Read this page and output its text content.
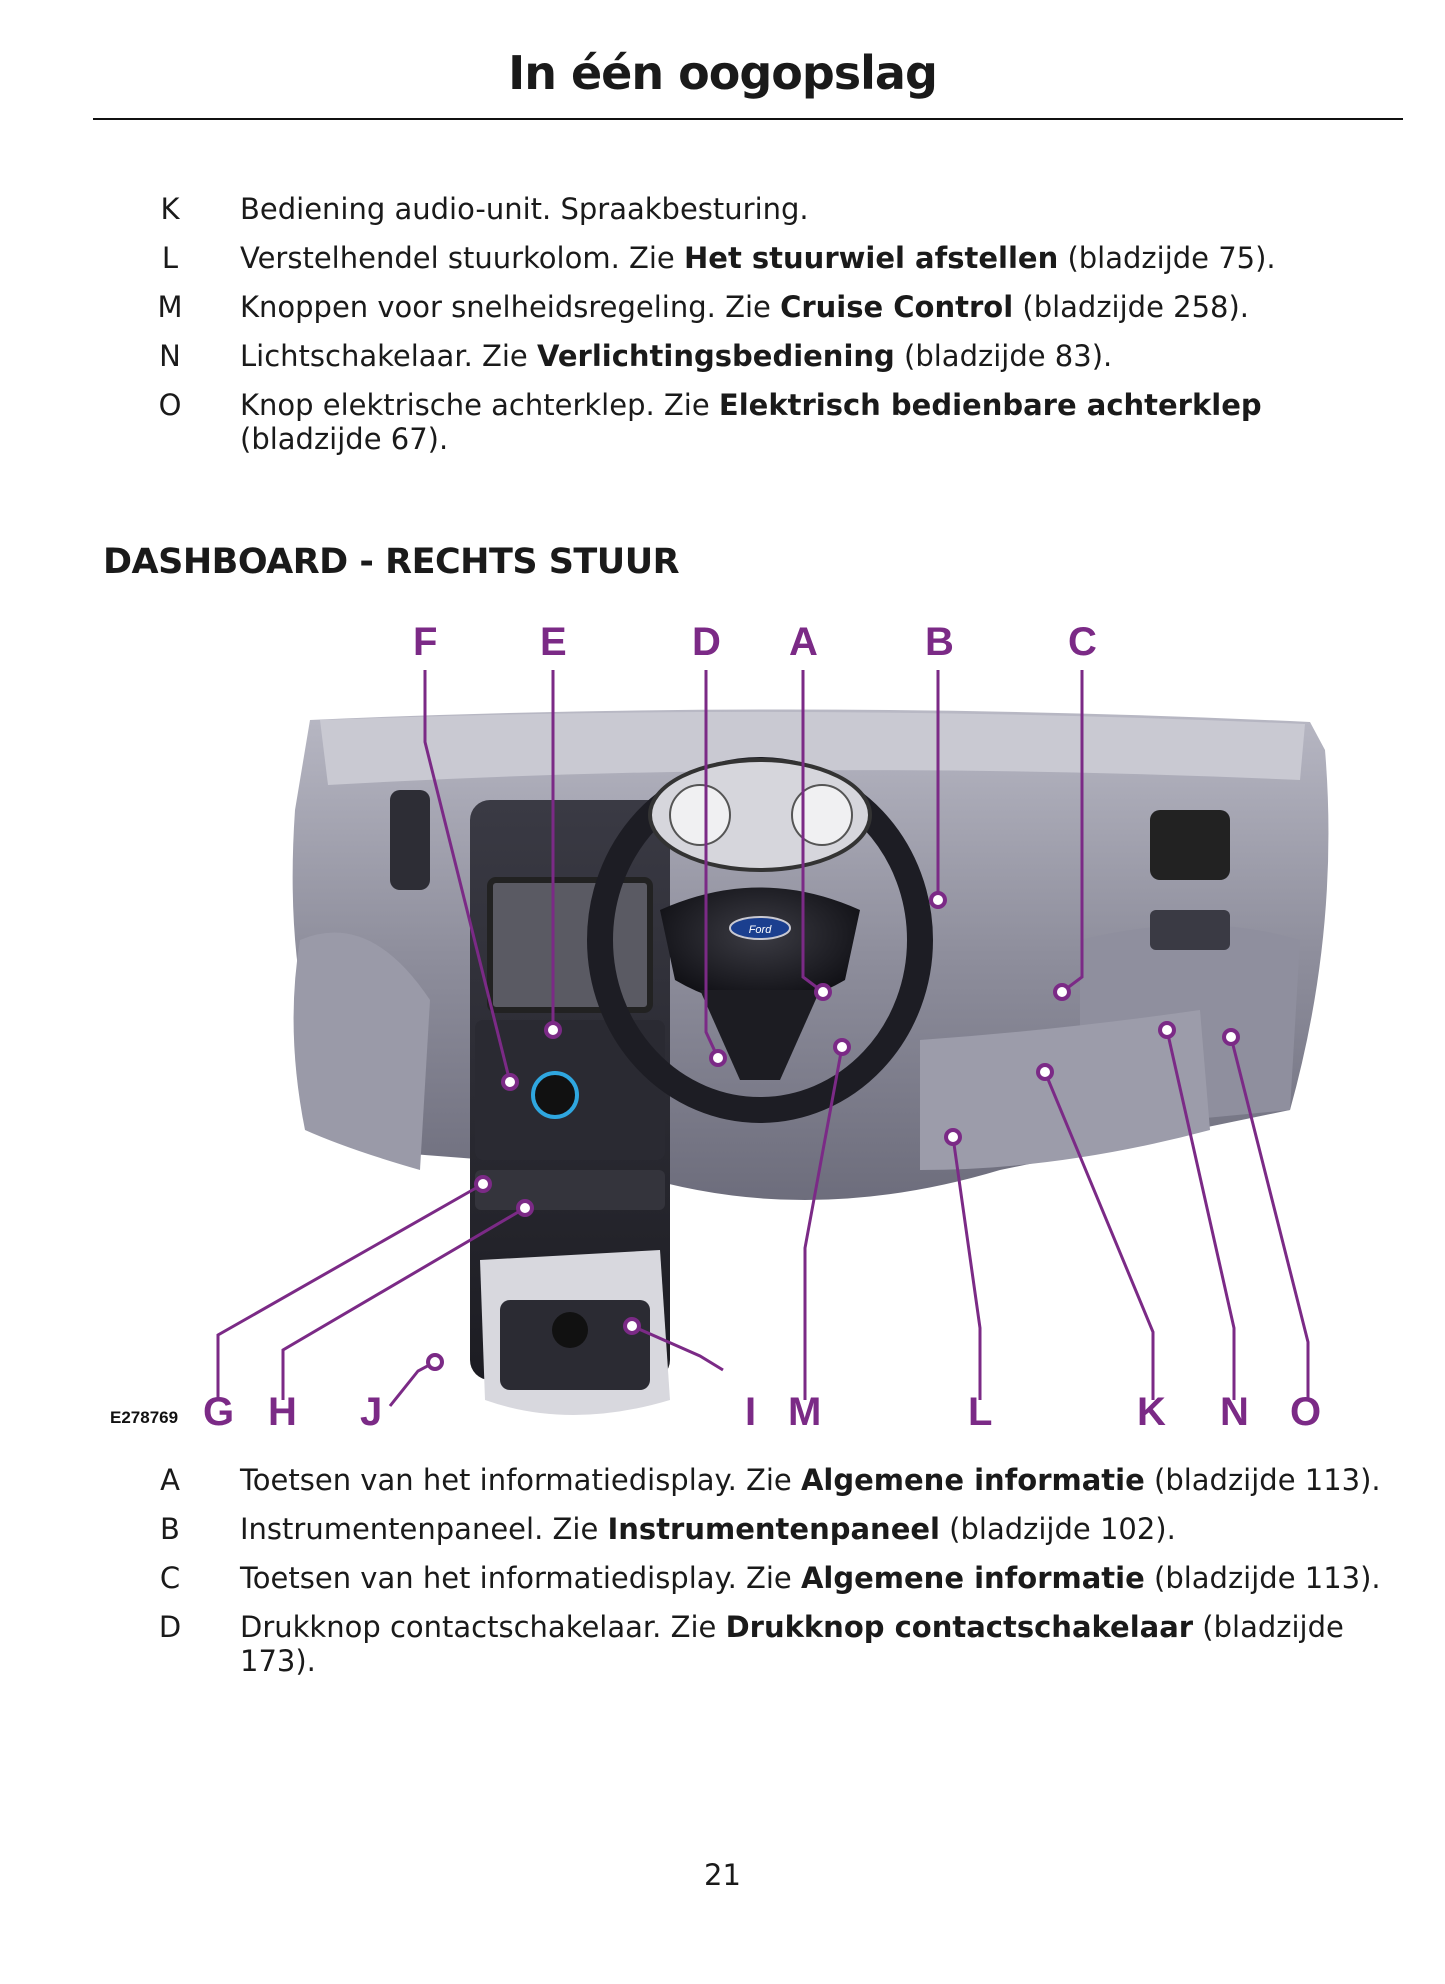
In één oogopslag
K	Bediening audio-unit. Spraakbesturing.
L	Verstelhendel stuurkolom. Zie Het stuurwiel afstellen (bladzijde 75).
M Knoppen voor snelheidsregeling. Zie Cruise Control (bladzijde 258).
N	Lichtschakelaar. Zie Verlichtingsbediening (bladzijde 83).
O Knop elektrische achterklep. Zie Elektrisch bedienbare achterklep (bladzijde 67).
DASHBOARD - RECHTS STUUR
Ford
F	E	D A	B	C
E278769 G H J	I M	L	K N O
A	Toetsen van het informatiedisplay. Zie Algemene informatie (bladzijde 113).
B	Instrumentenpaneel. Zie Instrumentenpaneel (bladzijde 102).
C	Toetsen van het informatiedisplay. Zie Algemene informatie (bladzijde 113).
D	Drukknop contactschakelaar. Zie Drukknop contactschakelaar (bladzijde 173).
21
